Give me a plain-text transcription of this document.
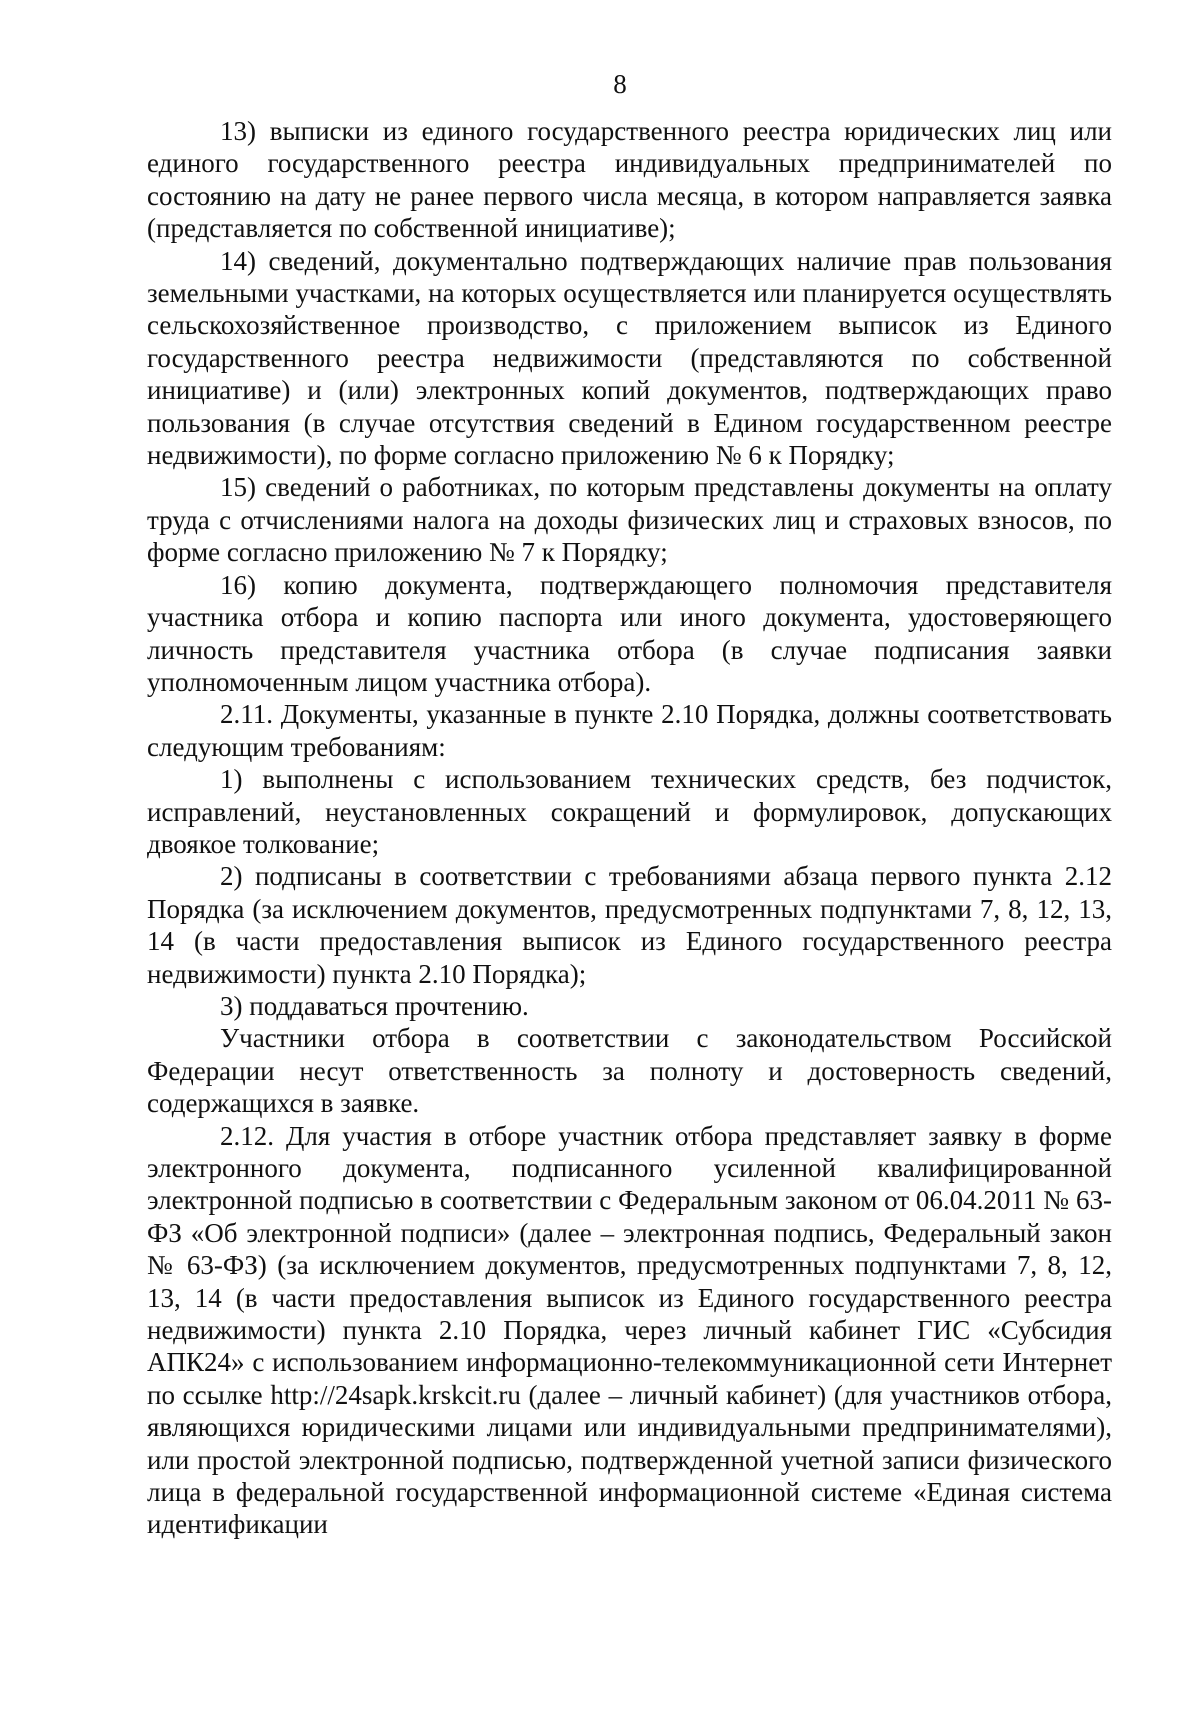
8

13) выписки из единого государственного реестра юридических лиц или единого государственного реестра индивидуальных предпринимателей по состоянию на дату не ранее первого числа месяца, в котором направляется заявка (представляется по собственной инициативе);

14) сведений, документально подтверждающих наличие прав пользования земельными участками, на которых осуществляется или планируется осуществлять сельскохозяйственное производство, с приложением выписок из Единого государственного реестра недвижимости (представляются по собственной инициативе) и (или) электронных копий документов, подтверждающих право пользования (в случае отсутствия сведений в Едином государственном реестре недвижимости), по форме согласно приложению № 6 к Порядку;

15) сведений о работниках, по которым представлены документы на оплату труда с отчислениями налога на доходы физических лиц и страховых взносов, по форме согласно приложению № 7 к Порядку;

16) копию документа, подтверждающего полномочия представителя участника отбора и копию паспорта или иного документа, удостоверяющего личность представителя участника отбора (в случае подписания заявки уполномоченным лицом участника отбора).

2.11. Документы, указанные в пункте 2.10 Порядка, должны соответствовать следующим требованиям:

1) выполнены с использованием технических средств, без подчисток, исправлений, неустановленных сокращений и формулировок, допускающих двоякое толкование;

2) подписаны в соответствии с требованиями абзаца первого пункта 2.12 Порядка (за исключением документов, предусмотренных подпунктами 7, 8, 12, 13, 14 (в части предоставления выписок из Единого государственного реестра недвижимости) пункта 2.10 Порядка);

3) поддаваться прочтению.

Участники отбора в соответствии с законодательством Российской Федерации несут ответственность за полноту и достоверность сведений, содержащихся в заявке.

2.12. Для участия в отборе участник отбора представляет заявку в форме электронного документа, подписанного усиленной квалифицированной электронной подписью в соответствии с Федеральным законом от 06.04.2011 № 63-ФЗ «Об электронной подписи» (далее – электронная подпись, Федеральный закон № 63-ФЗ) (за исключением документов, предусмотренных подпунктами 7, 8, 12, 13, 14 (в части предоставления выписок из Единого государственного реестра недвижимости) пункта 2.10 Порядка, через личный кабинет ГИС «Субсидия АПК24» с использованием информационно-телекоммуникационной сети Интернет по ссылке http://24sapk.krskcit.ru (далее – личный кабинет) (для участников отбора, являющихся юридическими лицами или индивидуальными предпринимателями), или простой электронной подписью, подтвержденной учетной записи физического лица в федеральной государственной информационной системе «Единая система идентификации
